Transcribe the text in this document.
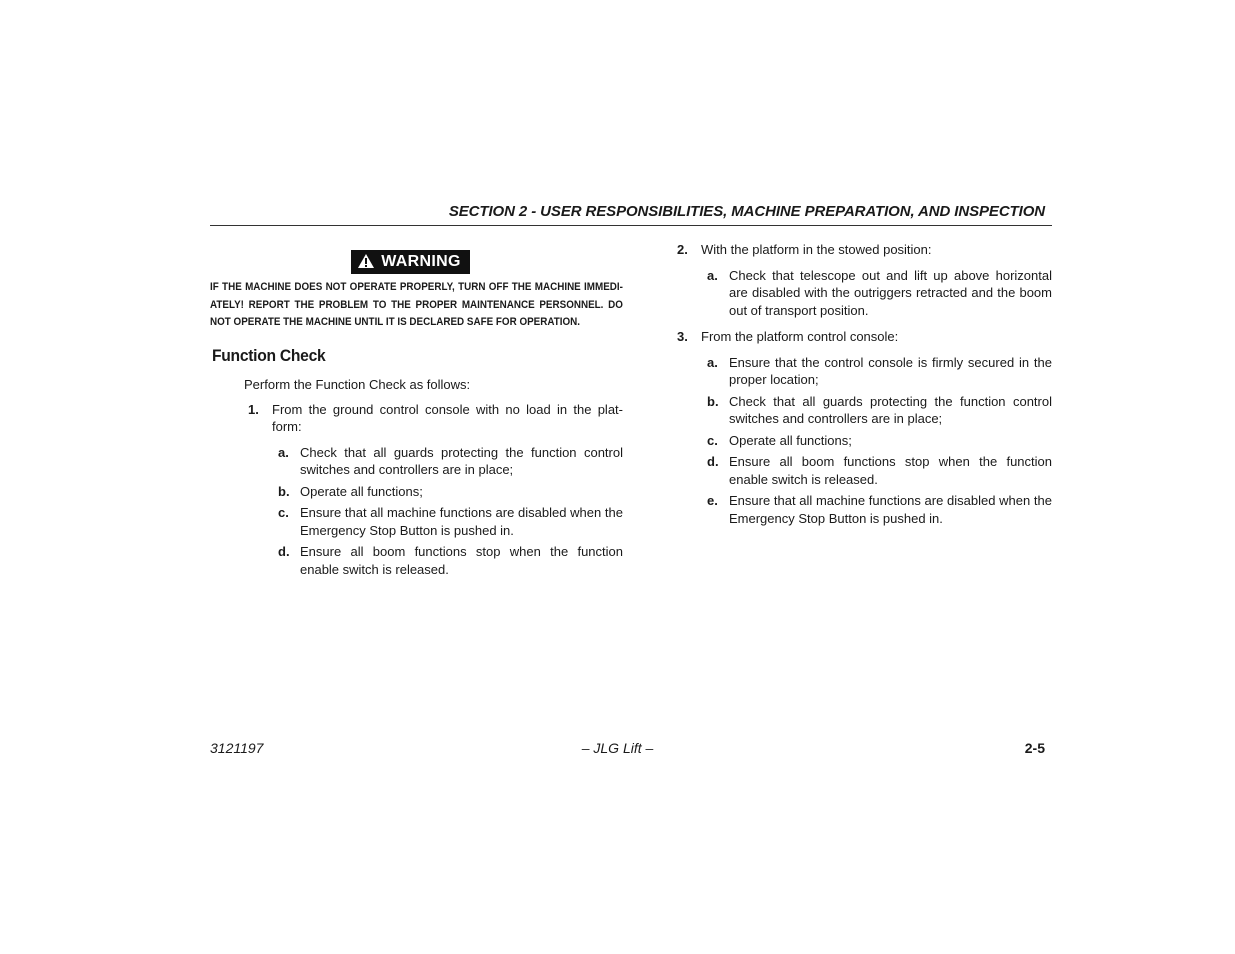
SECTION 2 - USER RESPONSIBILITIES, MACHINE PREPARATION, AND INSPECTION
WARNING
IF THE MACHINE DOES NOT OPERATE PROPERLY, TURN OFF THE MACHINE IMMEDI-ATELY! REPORT THE PROBLEM TO THE PROPER MAINTENANCE PERSONNEL. DO NOT OPERATE THE MACHINE UNTIL IT IS DECLARED SAFE FOR OPERATION.
Function Check
Perform the Function Check as follows:
1. From the ground control console with no load in the plat-form:
a. Check that all guards protecting the function control switches and controllers are in place;
b. Operate all functions;
c. Ensure that all machine functions are disabled when the Emergency Stop Button is pushed in.
d. Ensure all boom functions stop when the function enable switch is released.
2. With the platform in the stowed position:
a. Check that telescope out and lift up above horizontal are disabled with the outriggers retracted and the boom out of transport position.
3. From the platform control console:
a. Ensure that the control console is firmly secured in the proper location;
b. Check that all guards protecting the function control switches and controllers are in place;
c. Operate all functions;
d. Ensure all boom functions stop when the function enable switch is released.
e. Ensure that all machine functions are disabled when the Emergency Stop Button is pushed in.
3121197	– JLG Lift –	2-5
